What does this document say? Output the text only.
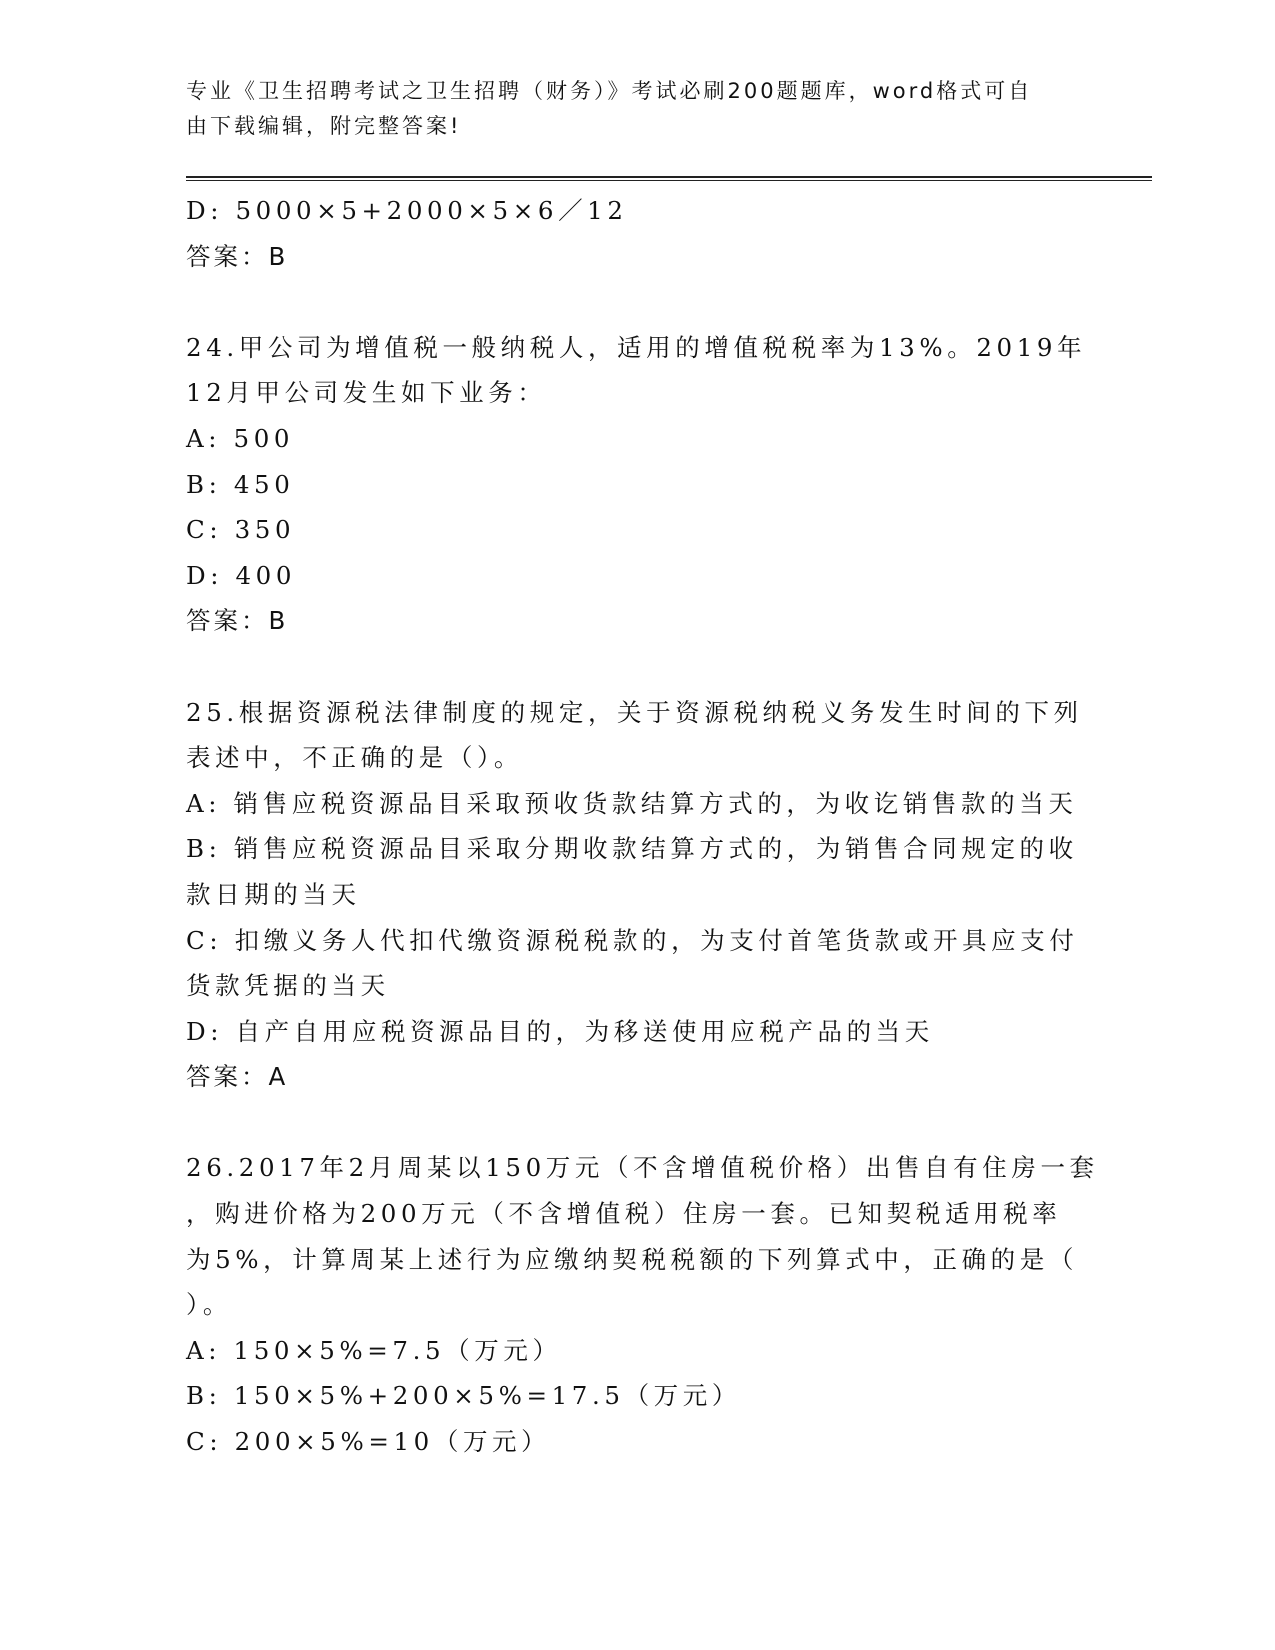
专业《卫生招聘考试之卫生招聘（财务）》考试必刷200题题库，word格式可自
由下载编辑，附完整答案!
D: 5000×5+2000×5×6／12
答案：B
24.甲公司为增值税一般纳税人，适用的增值税税率为13%。2019年
12月甲公司发生如下业务：
A: 500
B: 450
C: 350
D: 400
答案：B
25.根据资源税法律制度的规定，关于资源税纳税义务发生时间的下列
表述中，不正确的是（）。
A: 销售应税资源品目采取预收货款结算方式的，为收讫销售款的当天
B: 销售应税资源品目采取分期收款结算方式的，为销售合同规定的收
款日期的当天
C: 扣缴义务人代扣代缴资源税税款的，为支付首笔货款或开具应支付
货款凭据的当天
D: 自产自用应税资源品目的，为移送使用应税产品的当天
答案：A
26.2017年2月周某以150万元（不含增值税价格）出售自有住房一套
，购进价格为200万元（不含增值税）住房一套。已知契税适用税率
为5%，计算周某上述行为应缴纳契税税额的下列算式中，正确的是（
）。
A: 150×5%=7.5（万元）
B: 150×5%+200×5%=17.5（万元）
C: 200×5%=10（万元）
